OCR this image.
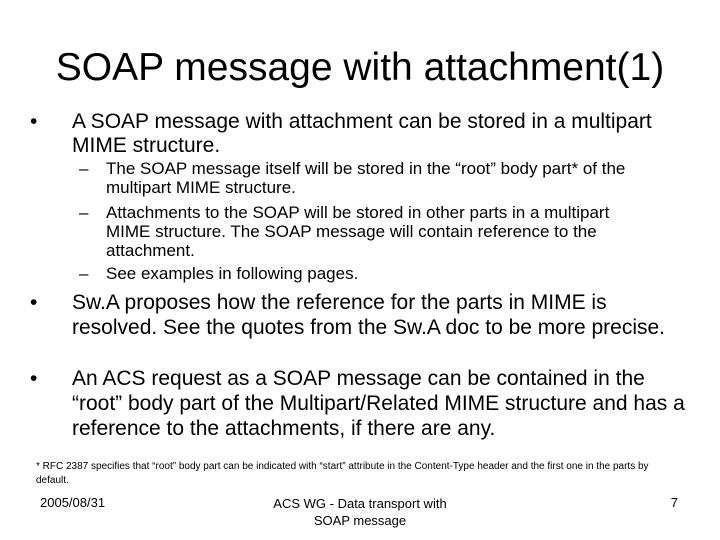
SOAP message with attachment(1)
• A SOAP message with attachment can be stored in a multipart MIME structure.
– The SOAP message itself will be stored in the “root” body part* of the multipart MIME structure.
– Attachments to the SOAP will be stored in other parts in a multipart MIME structure. The SOAP message will contain reference to the attachment.
– See examples in following pages.
• Sw.A proposes how the reference for the parts in MIME is resolved. See the quotes from the Sw.A doc to be more precise.
• An ACS request as a SOAP message can be contained in the “root” body part of the Multipart/Related MIME structure and has a reference to the attachments, if there are any.
* RFC 2387 specifies that “root” body part can be indicated with “start” attribute in the Content-Type header and the first one in the parts by default.
2005/08/31	ACS WG - Data transport with SOAP message
7
